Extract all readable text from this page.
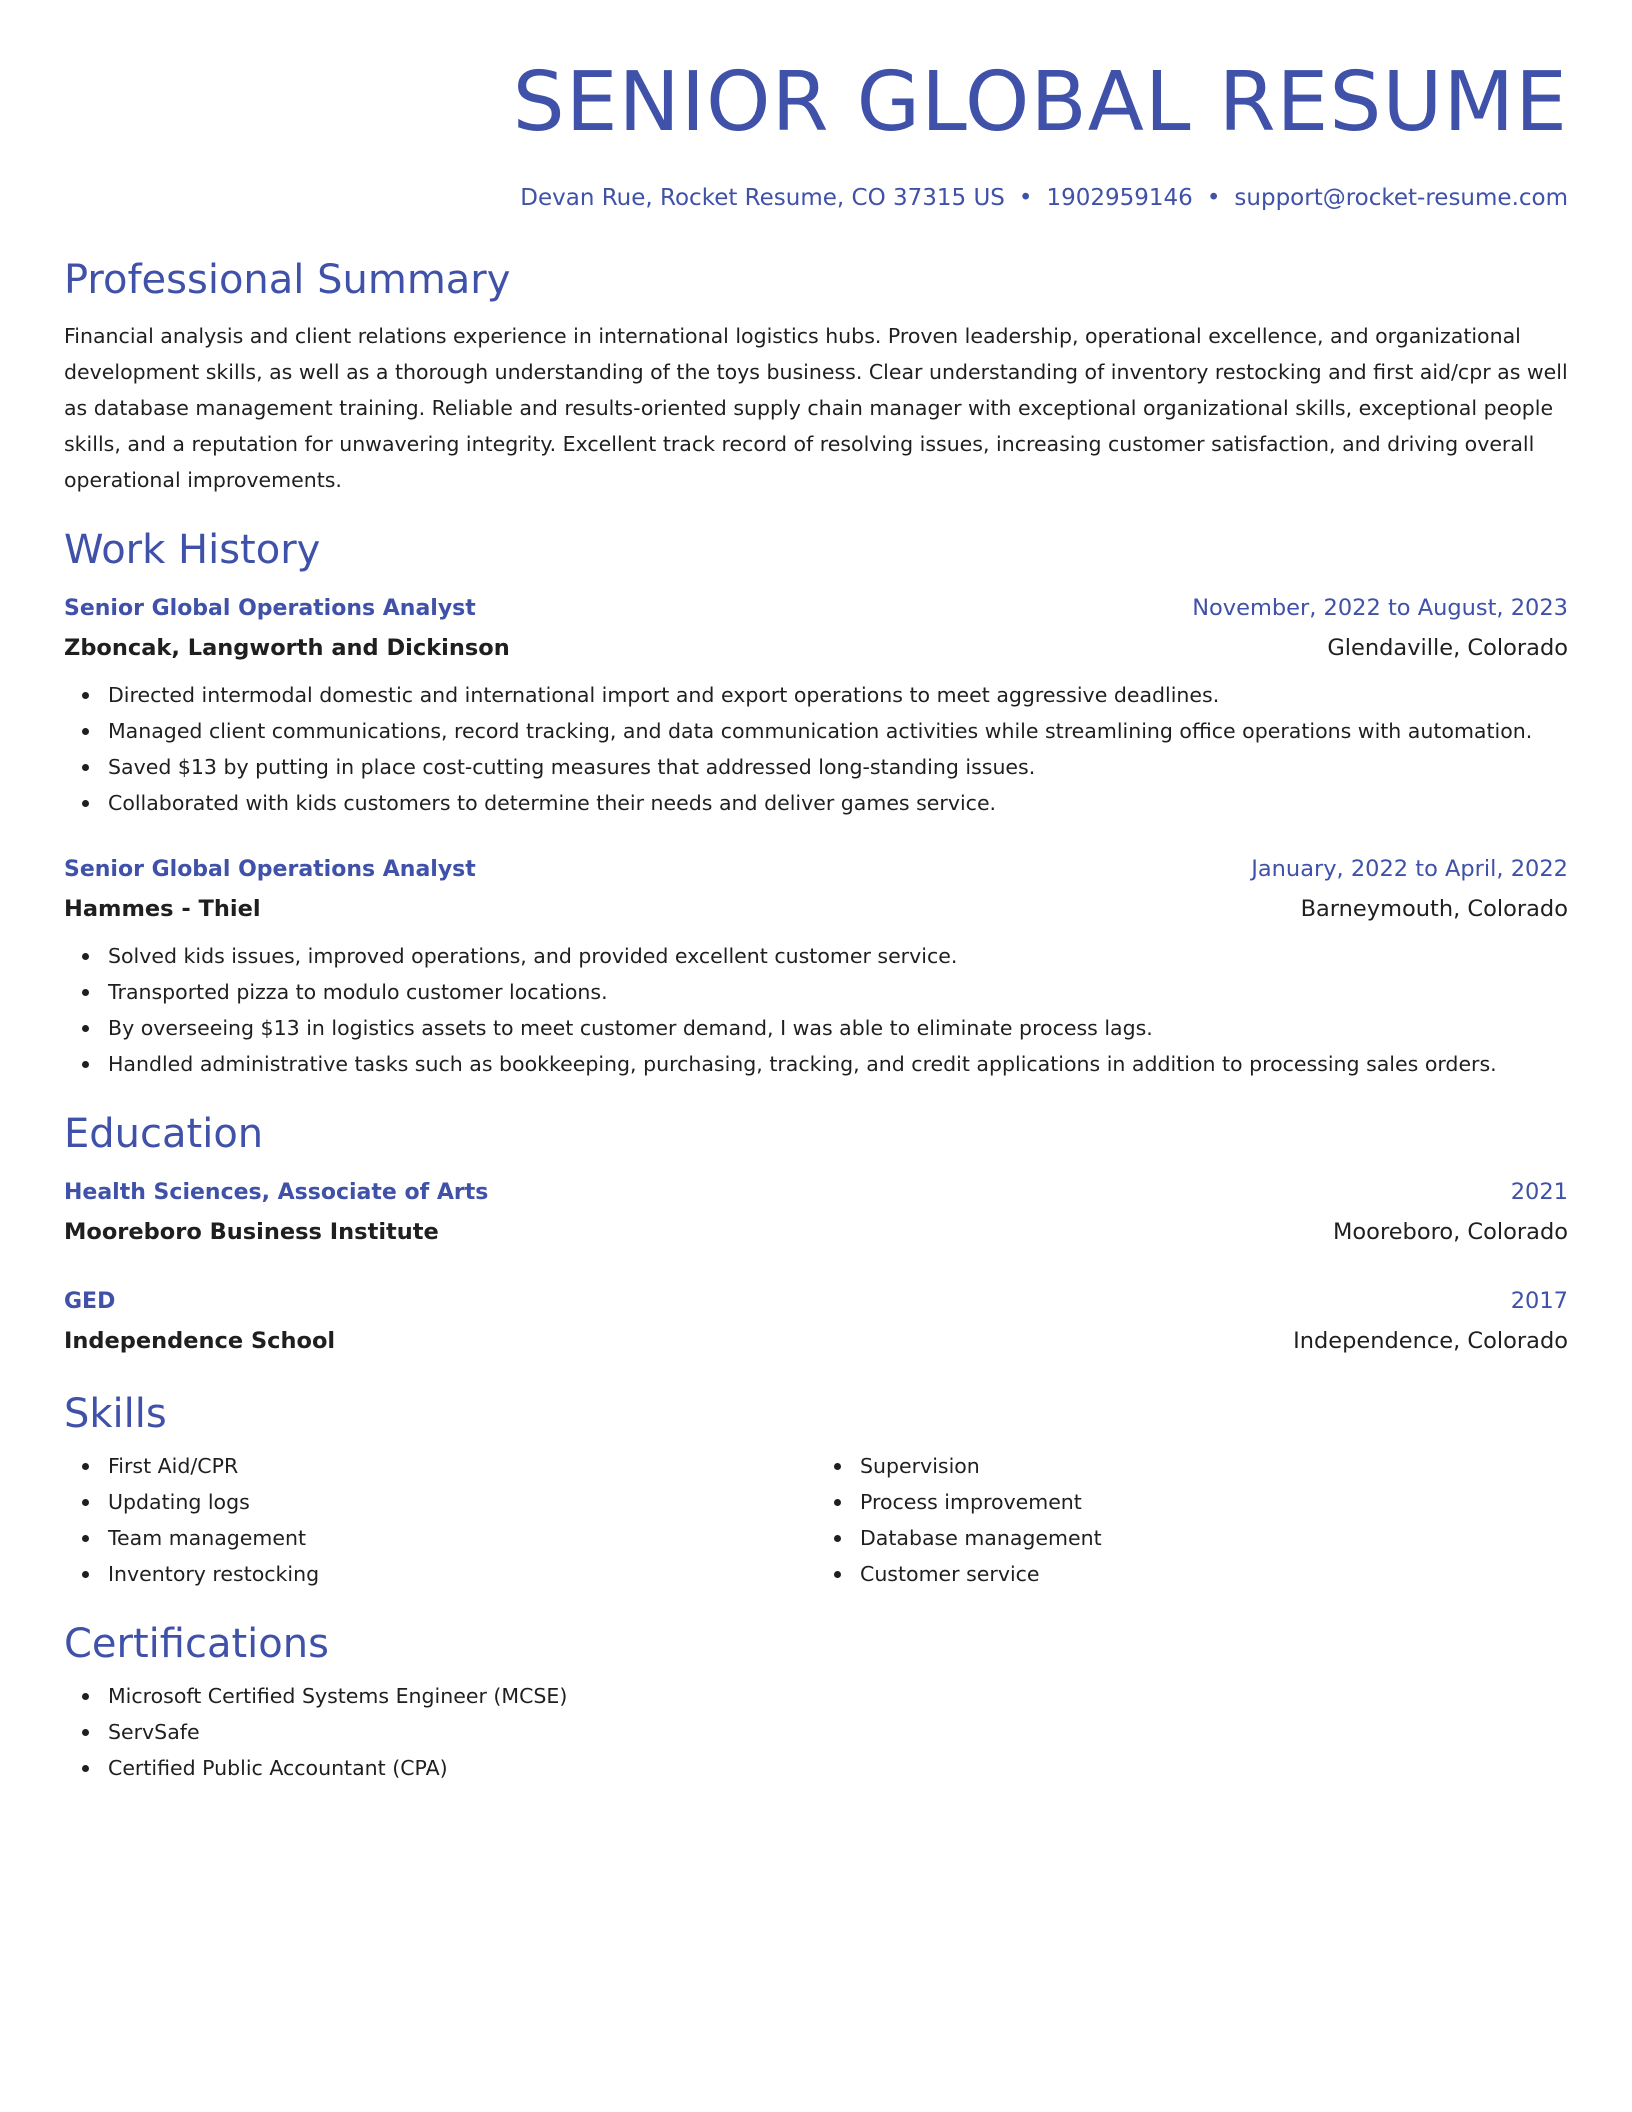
SENIOR GLOBAL RESUME
Devan Rue, Rocket Resume, CO 37315 US • 1902959146 • support@rocket-resume.com
Professional Summary

Financial analysis and client relations experience in international logistics hubs. Proven leadership, operational excellence, and organizational development skills, as well as a thorough understanding of the toys business. Clear understanding of inventory restocking and first aid/cpr as well as database management training. Reliable and results-oriented supply chain manager with exceptional organizational skills, exceptional people skills, and a reputation for unwavering integrity. Excellent track record of resolving issues, increasing customer satisfaction, and driving overall operational improvements.

Work History
Senior Global Operations Analyst	November, 2022 to August, 2023
Zboncak, Langworth and Dickinson	Glendaville, Colorado
Directed intermodal domestic and international import and export operations to meet aggressive deadlines.
Managed client communications, record tracking, and data communication activities while streamlining office operations with automation.
Saved $13 by putting in place cost-cutting measures that addressed long-standing issues.
Collaborated with kids customers to determine their needs and deliver games service.
Senior Global Operations Analyst	January, 2022 to April, 2022
Hammes - Thiel	Barneymouth, Colorado
Solved kids issues, improved operations, and provided excellent customer service.
Transported pizza to modulo customer locations.
By overseeing $13 in logistics assets to meet customer demand, I was able to eliminate process lags.
Handled administrative tasks such as bookkeeping, purchasing, tracking, and credit applications in addition to processing sales orders.
Education
Health Sciences, Associate of Arts	2021
Mooreboro Business Institute	Mooreboro, Colorado
GED	2017
Independence School	Independence, Colorado
Skills
First Aid/CPR
Updating logs
Team management
Inventory restocking
Supervision
Process improvement
Database management
Customer service
Certifications
Microsoft Certified Systems Engineer (MCSE)
ServSafe
Certified Public Accountant (CPA)
